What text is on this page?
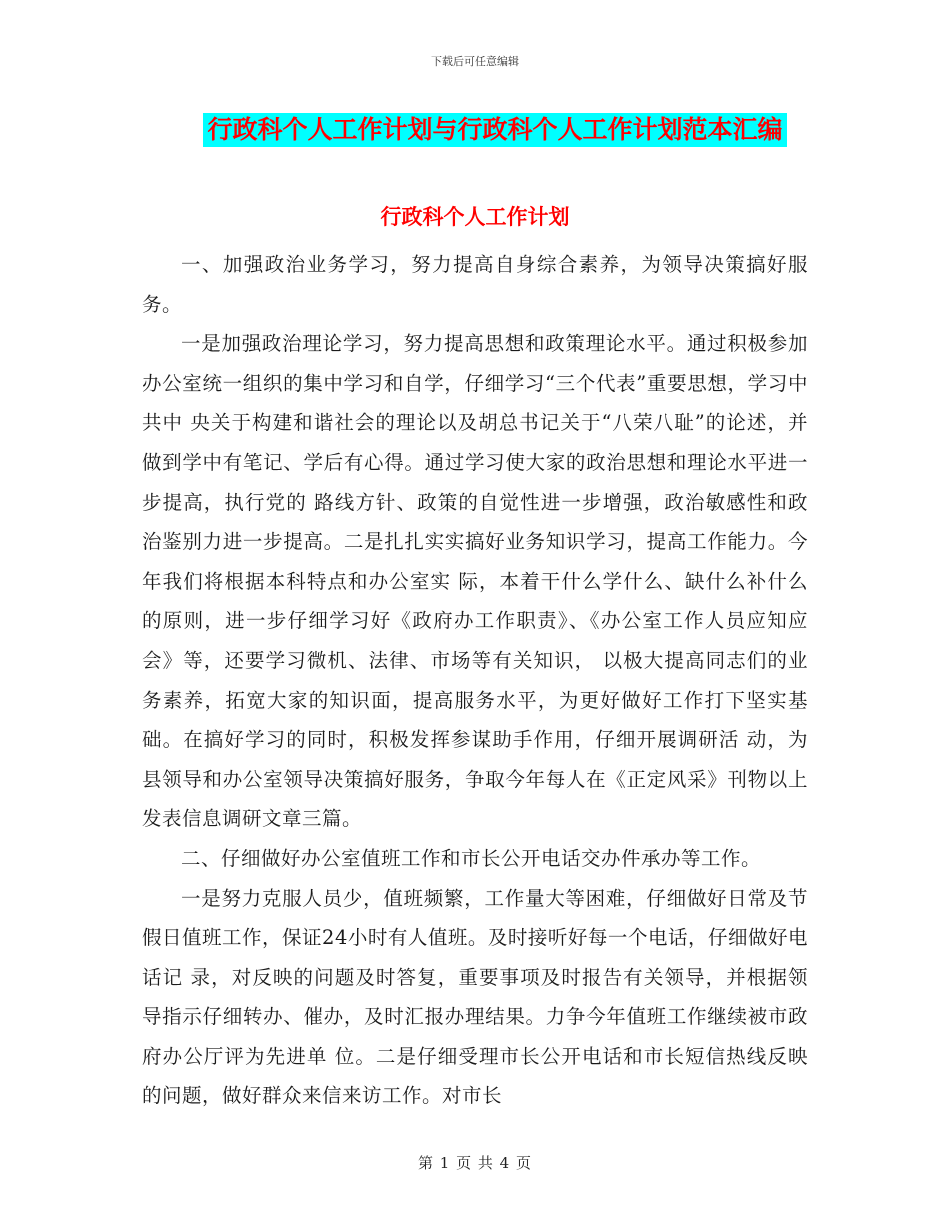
下载后可任意编辑
行政科个人工作计划与行政科个人工作计划范本汇编
行政科个人工作计划

一、加强政治业务学习，努力提高自身综合素养，为领导决策搞好服务。

一是加强政治理论学习，努力提高思想和政策理论水平。通过积极参加办公室统一组织的集中学习和自学，仔细学习“三个代表”重要思想，学习中共中 央关于构建和谐社会的理论以及胡总书记关于“八荣八耻”的论述，并做到学中有笔记、学后有心得。通过学习使大家的政治思想和理论水平进一步提高，执行党的 路线方针、政策的自觉性进一步增强，政治敏感性和政治鉴别力进一步提高。二是扎扎实实搞好业务知识学习，提高工作能力。今年我们将根据本科特点和办公室实 际，本着干什么学什么、缺什么补什么的原则，进一步仔细学习好《政府办工作职责》、《办公室工作人员应知应会》等，还要学习微机、法律、市场等有关知识， 以极大提高同志们的业务素养，拓宽大家的知识面，提高服务水平，为更好做好工作打下坚实基础。在搞好学习的同时，积极发挥参谋助手作用，仔细开展调研活 动，为县领导和办公室领导决策搞好服务，争取今年每人在《正定风采》刊物以上发表信息调研文章三篇。

二、仔细做好办公室值班工作和市长公开电话交办件承办等工作。

一是努力克服人员少，值班频繁，工作量大等困难，仔细做好日常及节假日值班工作，保证24小时有人值班。及时接听好每一个电话，仔细做好电话记 录，对反映的问题及时答复，重要事项及时报告有关领导，并根据领导指示仔细转办、催办，及时汇报办理结果。力争今年值班工作继续被市政府办公厅评为先进单 位。二是仔细受理市长公开电话和市长短信热线反映的问题，做好群众来信来访工作。对市长

第 1 页 共 4 页
